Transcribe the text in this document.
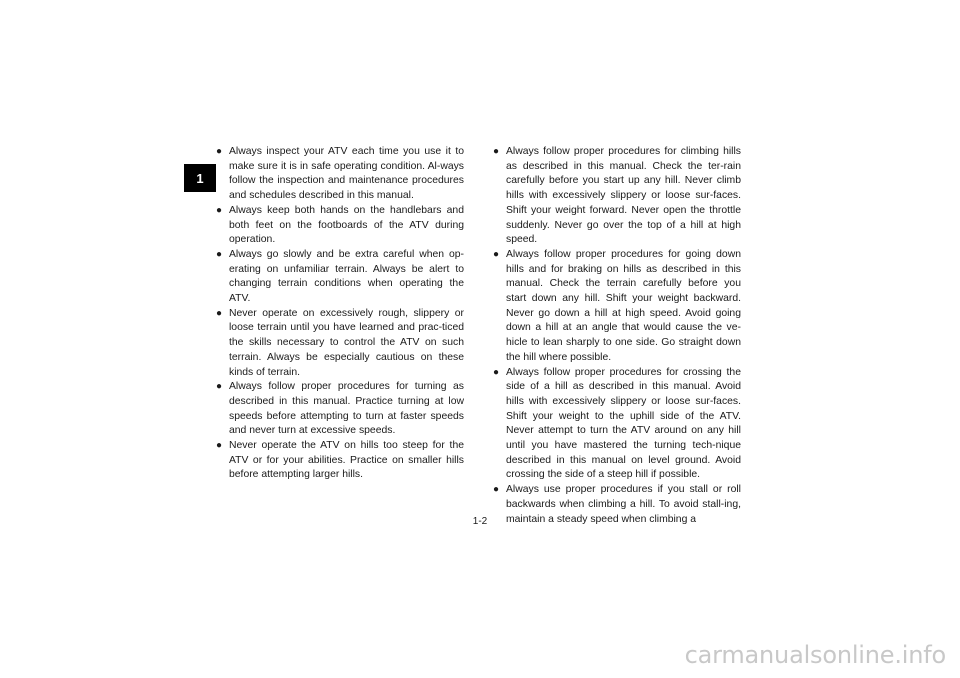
1
● Always inspect your ATV each time you use it to make sure it is in safe operating condition. Al-ways follow the inspection and maintenance procedures and schedules described in this manual.
● Always keep both hands on the handlebars and both feet on the footboards of the ATV during operation.
● Always go slowly and be extra careful when op-erating on unfamiliar terrain. Always be alert to changing terrain conditions when operating the ATV.
● Never operate on excessively rough, slippery or loose terrain until you have learned and prac-ticed the skills necessary to control the ATV on such terrain. Always be especially cautious on these kinds of terrain.
● Always follow proper procedures for turning as described in this manual. Practice turning at low speeds before attempting to turn at faster speeds and never turn at excessive speeds.
● Never operate the ATV on hills too steep for the ATV or for your abilities. Practice on smaller hills before attempting larger hills.
● Always follow proper procedures for climbing hills as described in this manual. Check the ter-rain carefully before you start up any hill. Never climb hills with excessively slippery or loose sur-faces. Shift your weight forward. Never open the throttle suddenly. Never go over the top of a hill at high speed.
● Always follow proper procedures for going down hills and for braking on hills as described in this manual. Check the terrain carefully before you start down any hill. Shift your weight backward. Never go down a hill at high speed. Avoid going down a hill at an angle that would cause the ve-hicle to lean sharply to one side. Go straight down the hill where possible.
● Always follow proper procedures for crossing the side of a hill as described in this manual. Avoid hills with excessively slippery or loose sur-faces. Shift your weight to the uphill side of the ATV. Never attempt to turn the ATV around on any hill until you have mastered the turning tech-nique described in this manual on level ground. Avoid crossing the side of a steep hill if possible.
● Always use proper procedures if you stall or roll backwards when climbing a hill. To avoid stall-ing, maintain a steady speed when climbing a
1-2
carmanualsonline.info
